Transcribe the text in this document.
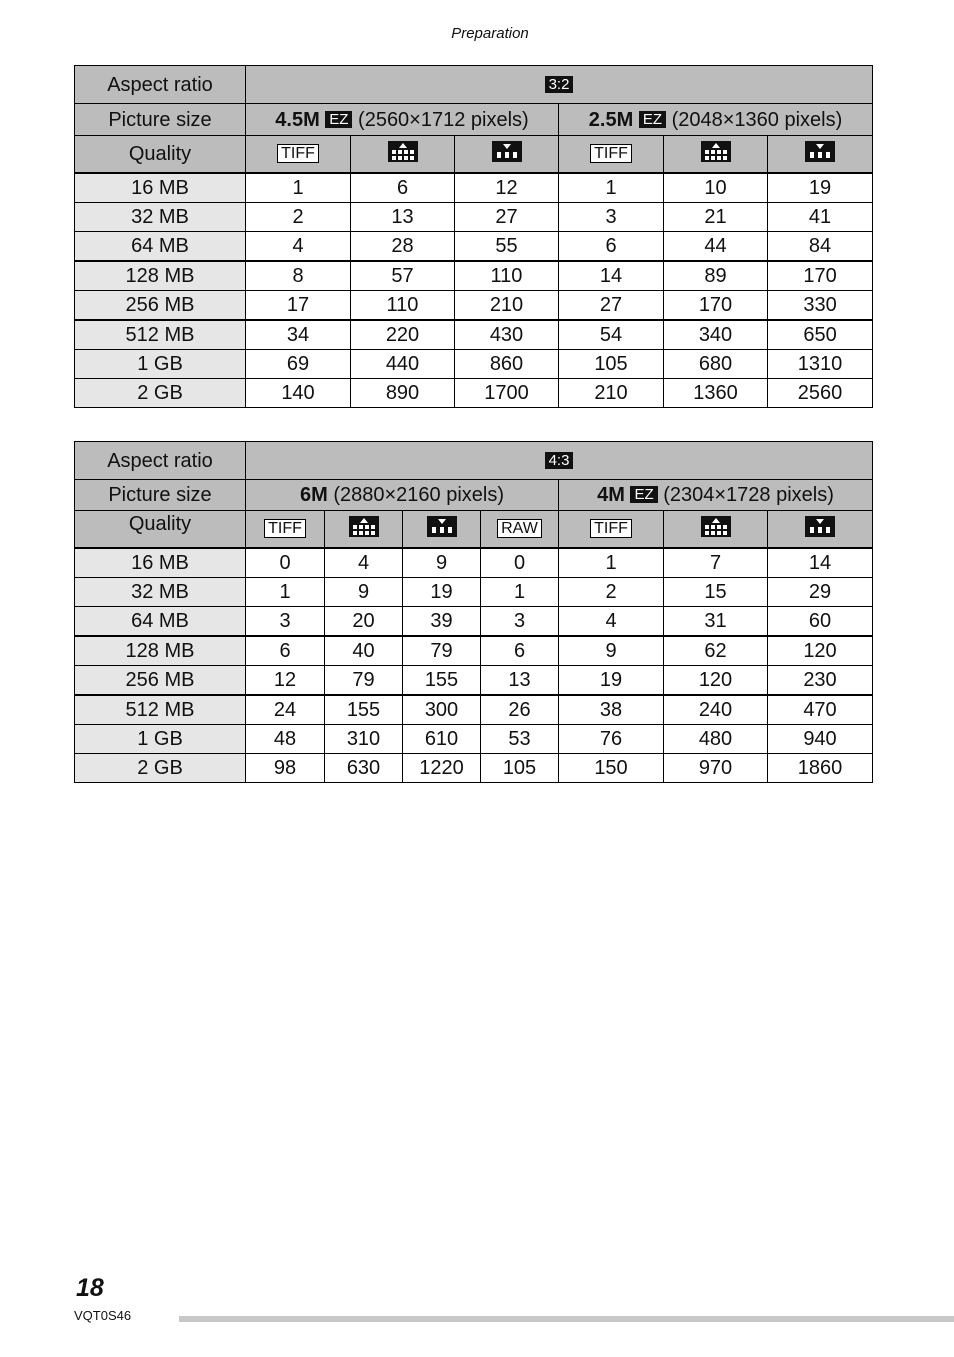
Preparation
Aspect ratio	3:2					
Picture size	4.5M EZ (2560×1712 pixels)			2.5M EZ (2048×1360 pixels)		
Quality	TIFF			TIFF		
16 MB	1	6	12	1	10	19
32 MB	2	13	27	3	21	41
64 MB	4	28	55	6	44	84
128 MB	8	57	110	14	89	170
256 MB	17	110	210	27	170	330
512 MB	34	220	430	54	340	650
1 GB	69	440	860	105	680	1310
2 GB	140	890	1700	210	1360	2560
Aspect ratio	4:3						
Picture size	6M (2880×2160 pixels)				4M EZ (2304×1728 pixels)		
Quality	TIFF			RAW	TIFF		
16 MB	0	4	9	0	1	7	14
32 MB	1	9	19	1	2	15	29
64 MB	3	20	39	3	4	31	60
128 MB	6	40	79	6	9	62	120
256 MB	12	79	155	13	19	120	230
512 MB	24	155	300	26	38	240	470
1 GB	48	310	610	53	76	480	940
2 GB	98	630	1220	105	150	970	1860
18
VQT0S46
